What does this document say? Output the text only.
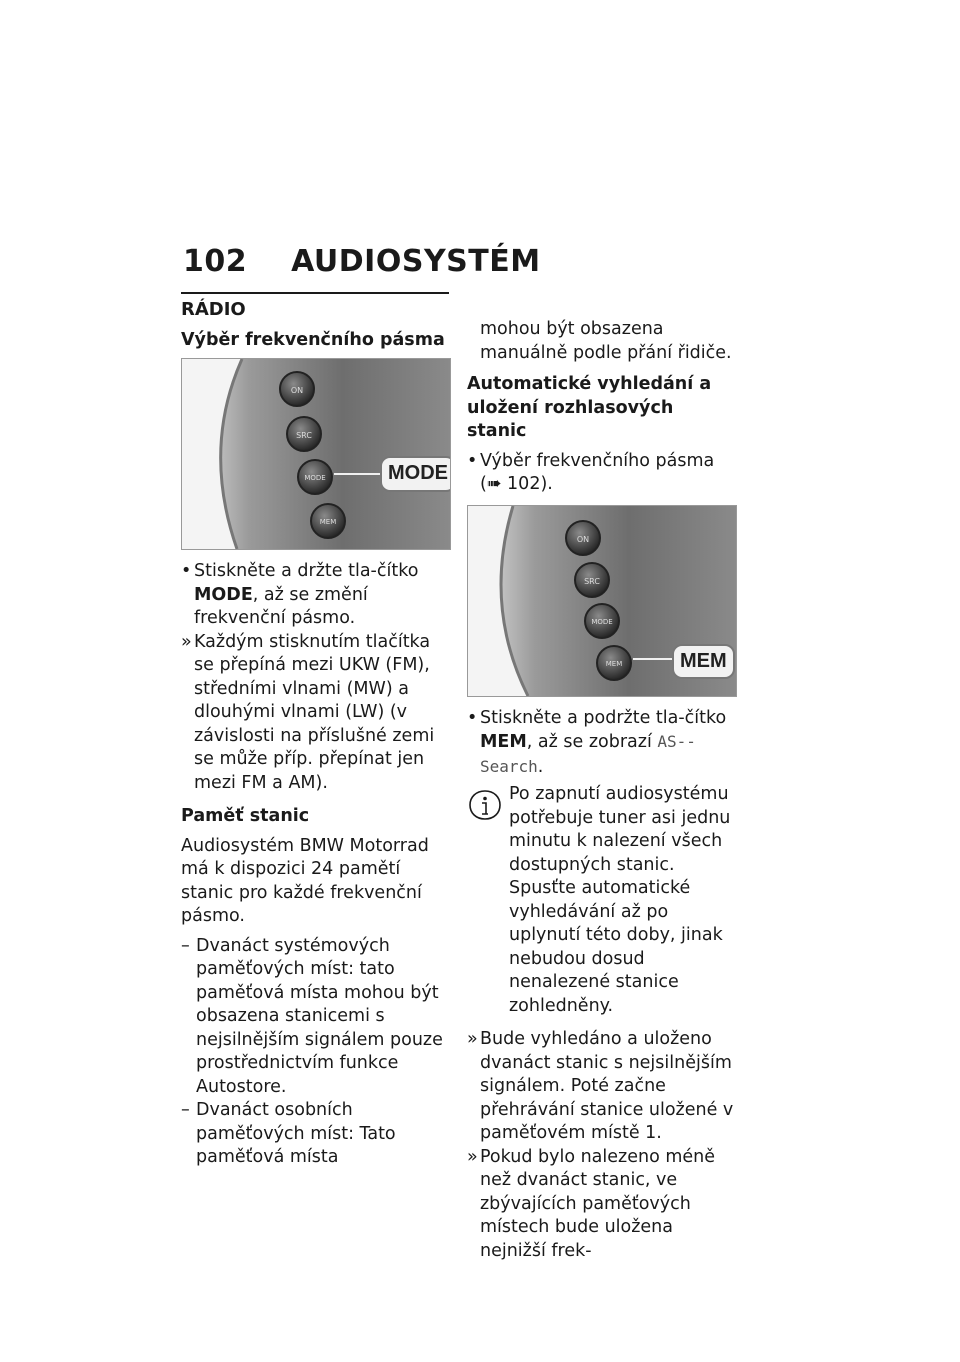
102 AUDIOSYSTÉM
RÁDIO
Výběr frekvenčního pásma
ON
SRC
MODE
MEM
MODE
• Stiskněte a držte tla-čítko MODE, až se změní frekvenční pásmo.
» Každým stisknutím tlačítka se přepíná mezi UKW (FM), středními vlnami (MW) a dlouhými vlnami (LW) (v závislosti na příslušné zemi se může příp. přepínat jen mezi FM a AM).
Paměť stanic

Audiosystém BMW Motorrad má k dispozici 24 pamětí stanic pro každé frekvenční pásmo.

– Dvanáct systémových paměťových míst: tato paměťová místa mohou být obsazena stanicemi s nejsilnějším signálem pouze prostřednictvím funkce Autostore.
– Dvanáct osobních paměťových míst: Tato paměťová místa

mohou být obsazena manuálně podle přání řidiče.

Automatické vyhledání a uložení rozhlasových stanic
• Výběr frekvenčního pásma
(➠ 102).
ON
SRC
MODE
MEM	MEM
• Stiskněte a podržte tla-čítko MEM, až se zobrazí AS--Search.

Po zapnutí audiosystému potřebuje tuner asi jednu minutu k nalezení všech dostupných stanic. Spusťte automatické vyhledávání až po uplynutí této doby, jinak nebudou dosud nenalezené stanice zohledněny.

» Bude vyhledáno a uloženo dvanáct stanic s nejsilnějším signálem. Poté začne přehrávání stanice uložené v paměťovém místě 1.
» Pokud bylo nalezeno méně než dvanáct stanic, ve zbývajících paměťových místech bude uložena nejnižší frek-
